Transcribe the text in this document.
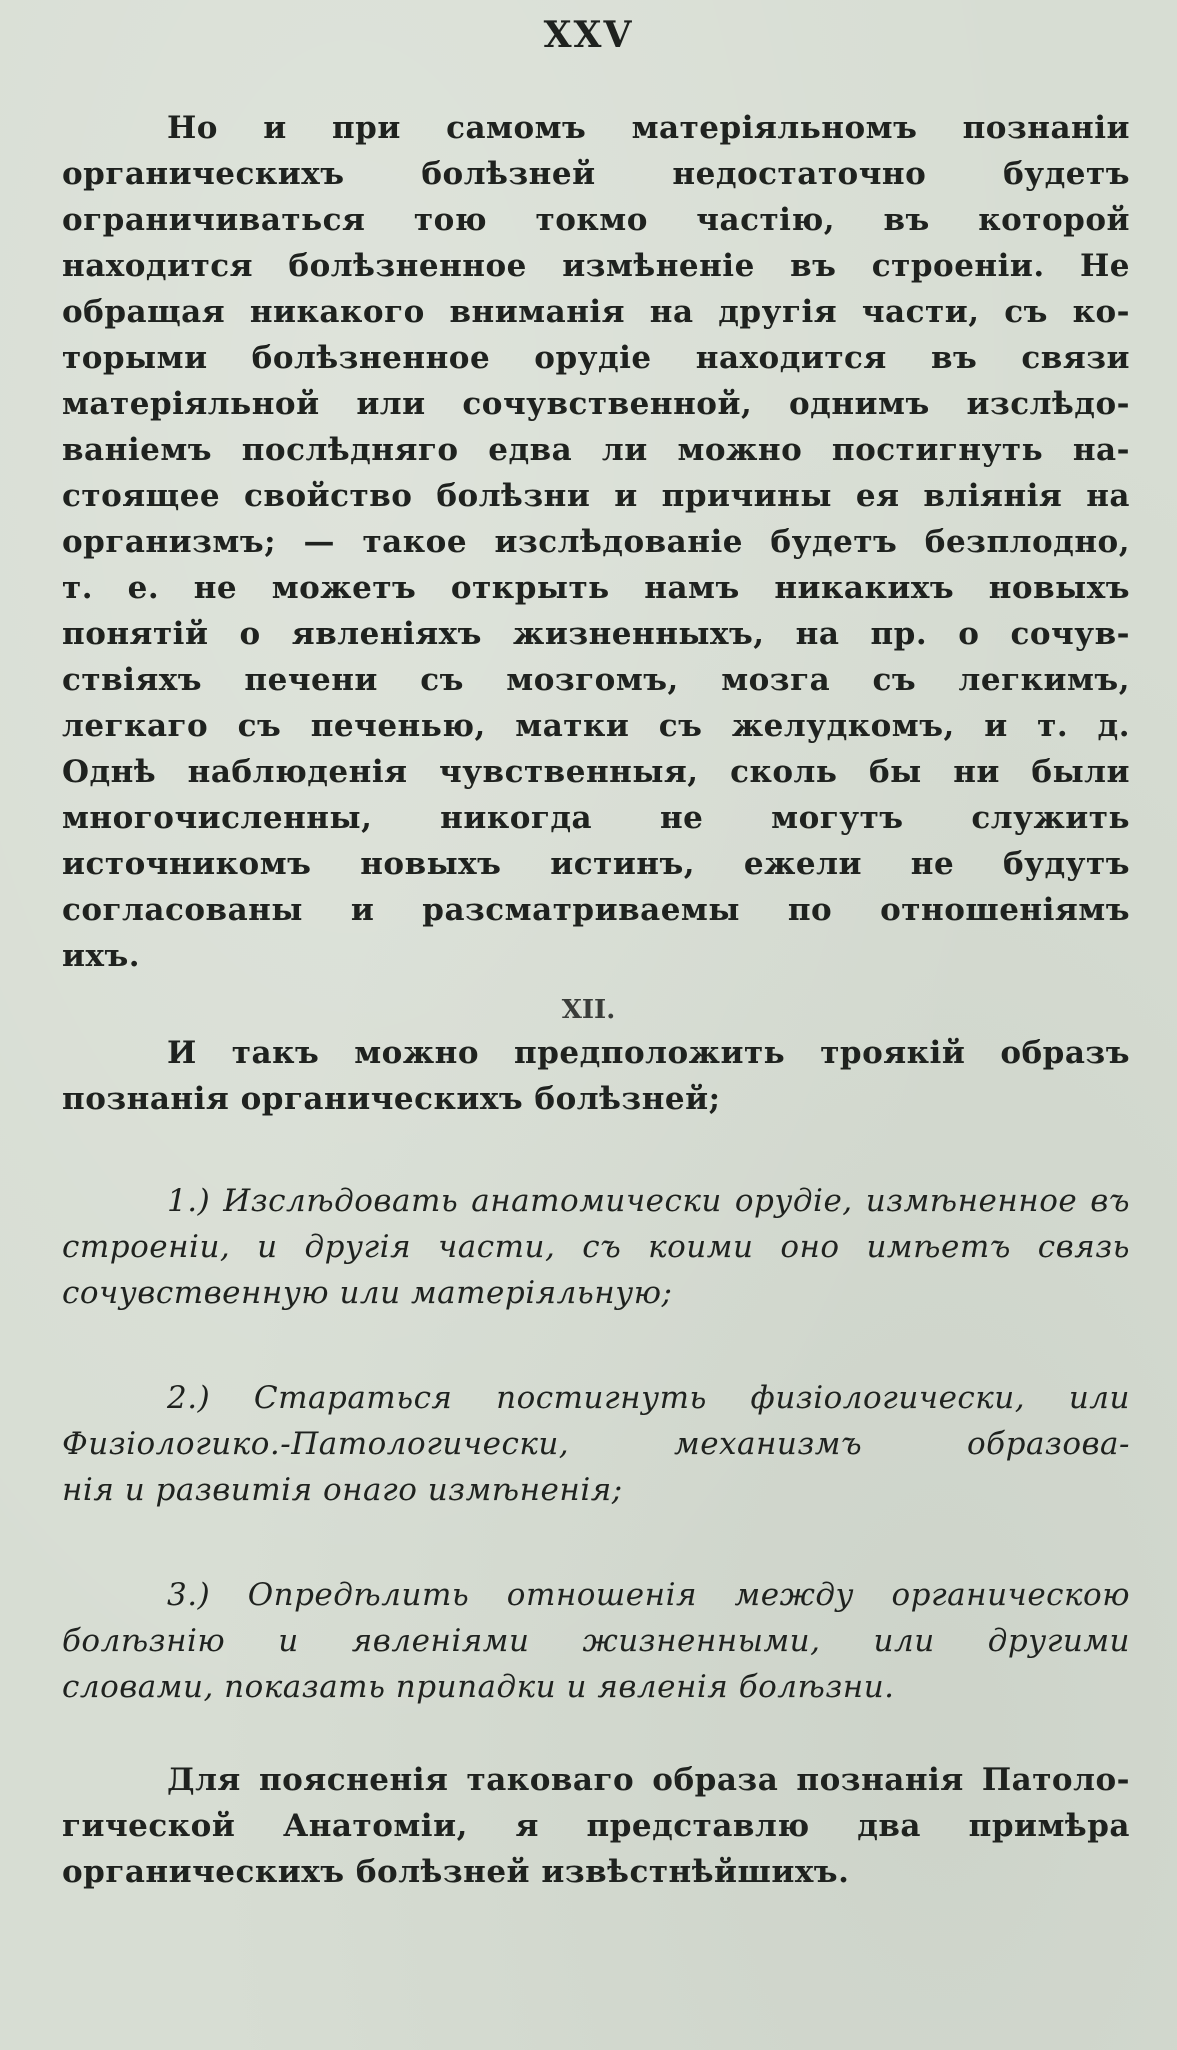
XXV
Но и при самомъ матеріяльномъ познаніи
органическихъ болѣзней недостаточно будетъ
ограничиваться тою токмо частію, въ которой
находится болѣзненное измѣненіе въ строеніи. Не
обращая никакого вниманія на другія части, съ ко-
торыми болѣзненное орудіе находится въ связи
матеріяльной или сочувственной, однимъ изслѣдо-
ваніемъ послѣдняго едва ли можно постигнуть на-
стоящее свойство болѣзни и причины ея вліянія на
организмъ; — такое изслѣдованіе будетъ безплодно,
т. е. не можетъ открыть намъ никакихъ новыхъ
понятій о явленіяхъ жизненныхъ, на пр. о сочув-
ствіяхъ печени съ мозгомъ, мозга съ легкимъ,
легкаго съ печенью, матки съ желудкомъ, и т. д.
Однѣ наблюденія чувственныя, сколь бы ни были
многочисленны, никогда не могутъ служить
источникомъ новыхъ истинъ, ежели не будутъ
согласованы и разсматриваемы по отношеніямъ
ихъ.
ΧΙΙ.
И такъ можно предположить троякій образъ
познанія органическихъ болѣзней;
1.) Изслѣдовать анатомически орудіе, измѣненное въ
строеніи, и другія части, съ коими оно имѣетъ связь
сочувственную или матеріяльную;
2.) Стараться постигнуть физіологически, или
Физіологико.-Патологически, механизмъ образова-
нія и развитія онаго измѣненія;
3.) Опредѣлить отношенія между органическою
болѣзнію и явленіями жизненными, или другими
словами, показать припадки и явленія болѣзни.
Для поясненія таковаго образа познанія Патоло-
гической Анатоміи, я представлю два примѣра
органическихъ болѣзней извѣстнѣйшихъ.
